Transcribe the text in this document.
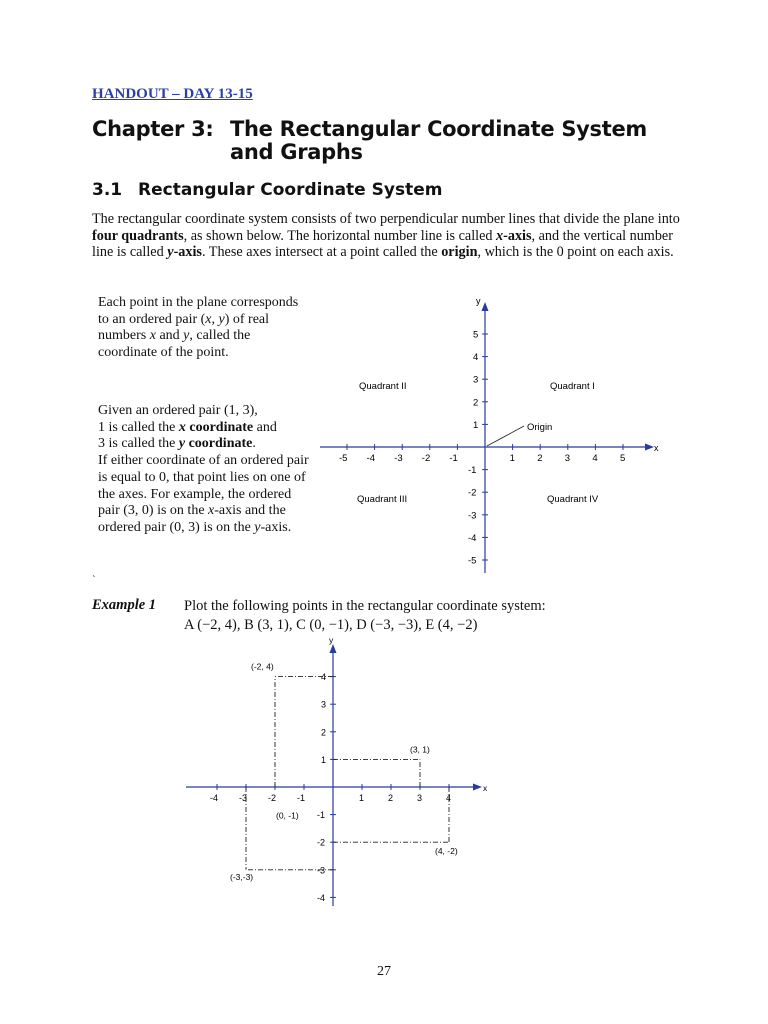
HANDOUT – DAY 13-15
Chapter 3: The Rectangular Coordinate System
and Graphs
3.1 Rectangular Coordinate System
The rectangular coordinate system consists of two perpendicular number lines that divide the plane into four quadrants, as shown below. The horizontal number line is called x-axis, and the vertical number line is called y-axis. These axes intersect at a point called the origin, which is the 0 point on each axis.
Each point in the plane corresponds to an ordered pair (x, y) of real numbers x and y, called the coordinate of the point.
Given an ordered pair (1, 3),
1 is called the x coordinate and
3 is called the y coordinate.
If either coordinate of an ordered pair is equal to 0, that point lies on one of the axes. For example, the ordered pair (3, 0) is on the x-axis and the ordered pair (0, 3) is on the y-axis.
x
y
-5 -4 -3 -2 -1	1 2 3 4 5
5
4
3
2
1
-1
-2
-3
-4
-5
Quadrant I
Quadrant II
Quadrant III	Quadrant IV
Origin
`
Example 1 Plot the following points in the rectangular coordinate system:
A (−2, 4), B (3, 1), C (0, −1), D (−3, −3), E (4, −2)
x
y
-4 -3 -2 -1	1	2	3	4
4
3
2
1
-1
-2
-3
-4
(-2, 4)
(3, 1)
(0, -1)
(-3,-3)
(4, -2)
27
